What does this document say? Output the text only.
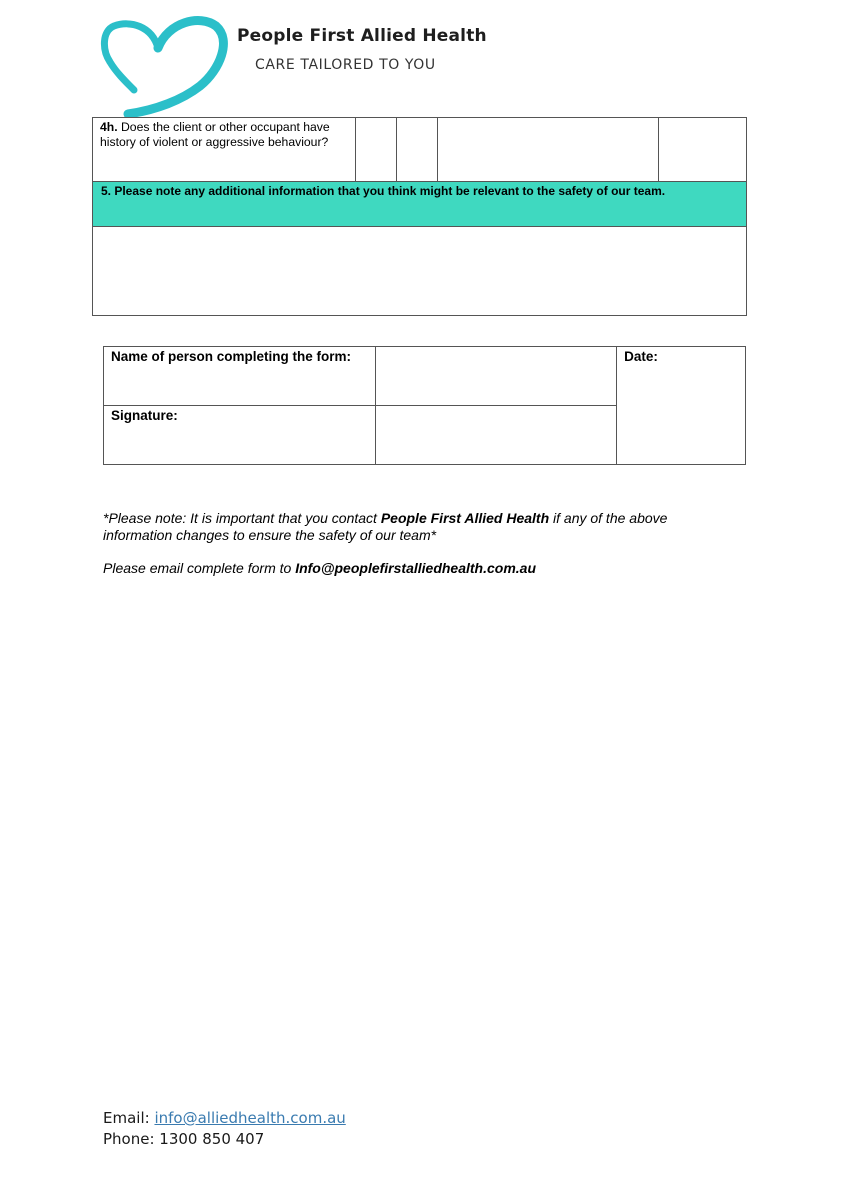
People First Allied Health
CARE TAILORED TO YOU
4h. Does the client or other occupant have history of violent or aggressive behaviour?				
5. Please note any additional information that you think might be relevant to the safety of our team.

Name of person completing the form:		Date:
Signature:		
*Please note: It is important that you contact People First Allied Health if any of the above information changes to ensure the safety of our team*
Please email complete form to Info@peoplefirstalliedhealth.com.au
Email: info@alliedhealth.com.au
Phone: 1300 850 407
